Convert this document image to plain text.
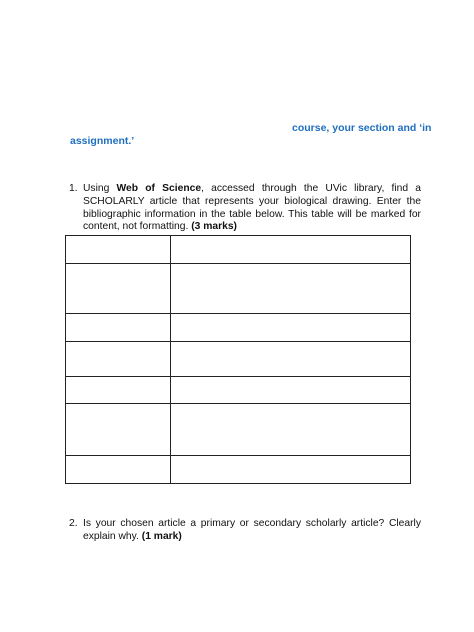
course, your section and ‘in
assignment.’
1. Using Web of Science, accessed through the UVic library, find a SCHOLARLY article that represents your biological drawing. Enter the bibliographic information in the table below. This table will be marked for content, not formatting. (3 marks)

2. Is your chosen article a primary or secondary scholarly article? Clearly explain why. (1 mark)
